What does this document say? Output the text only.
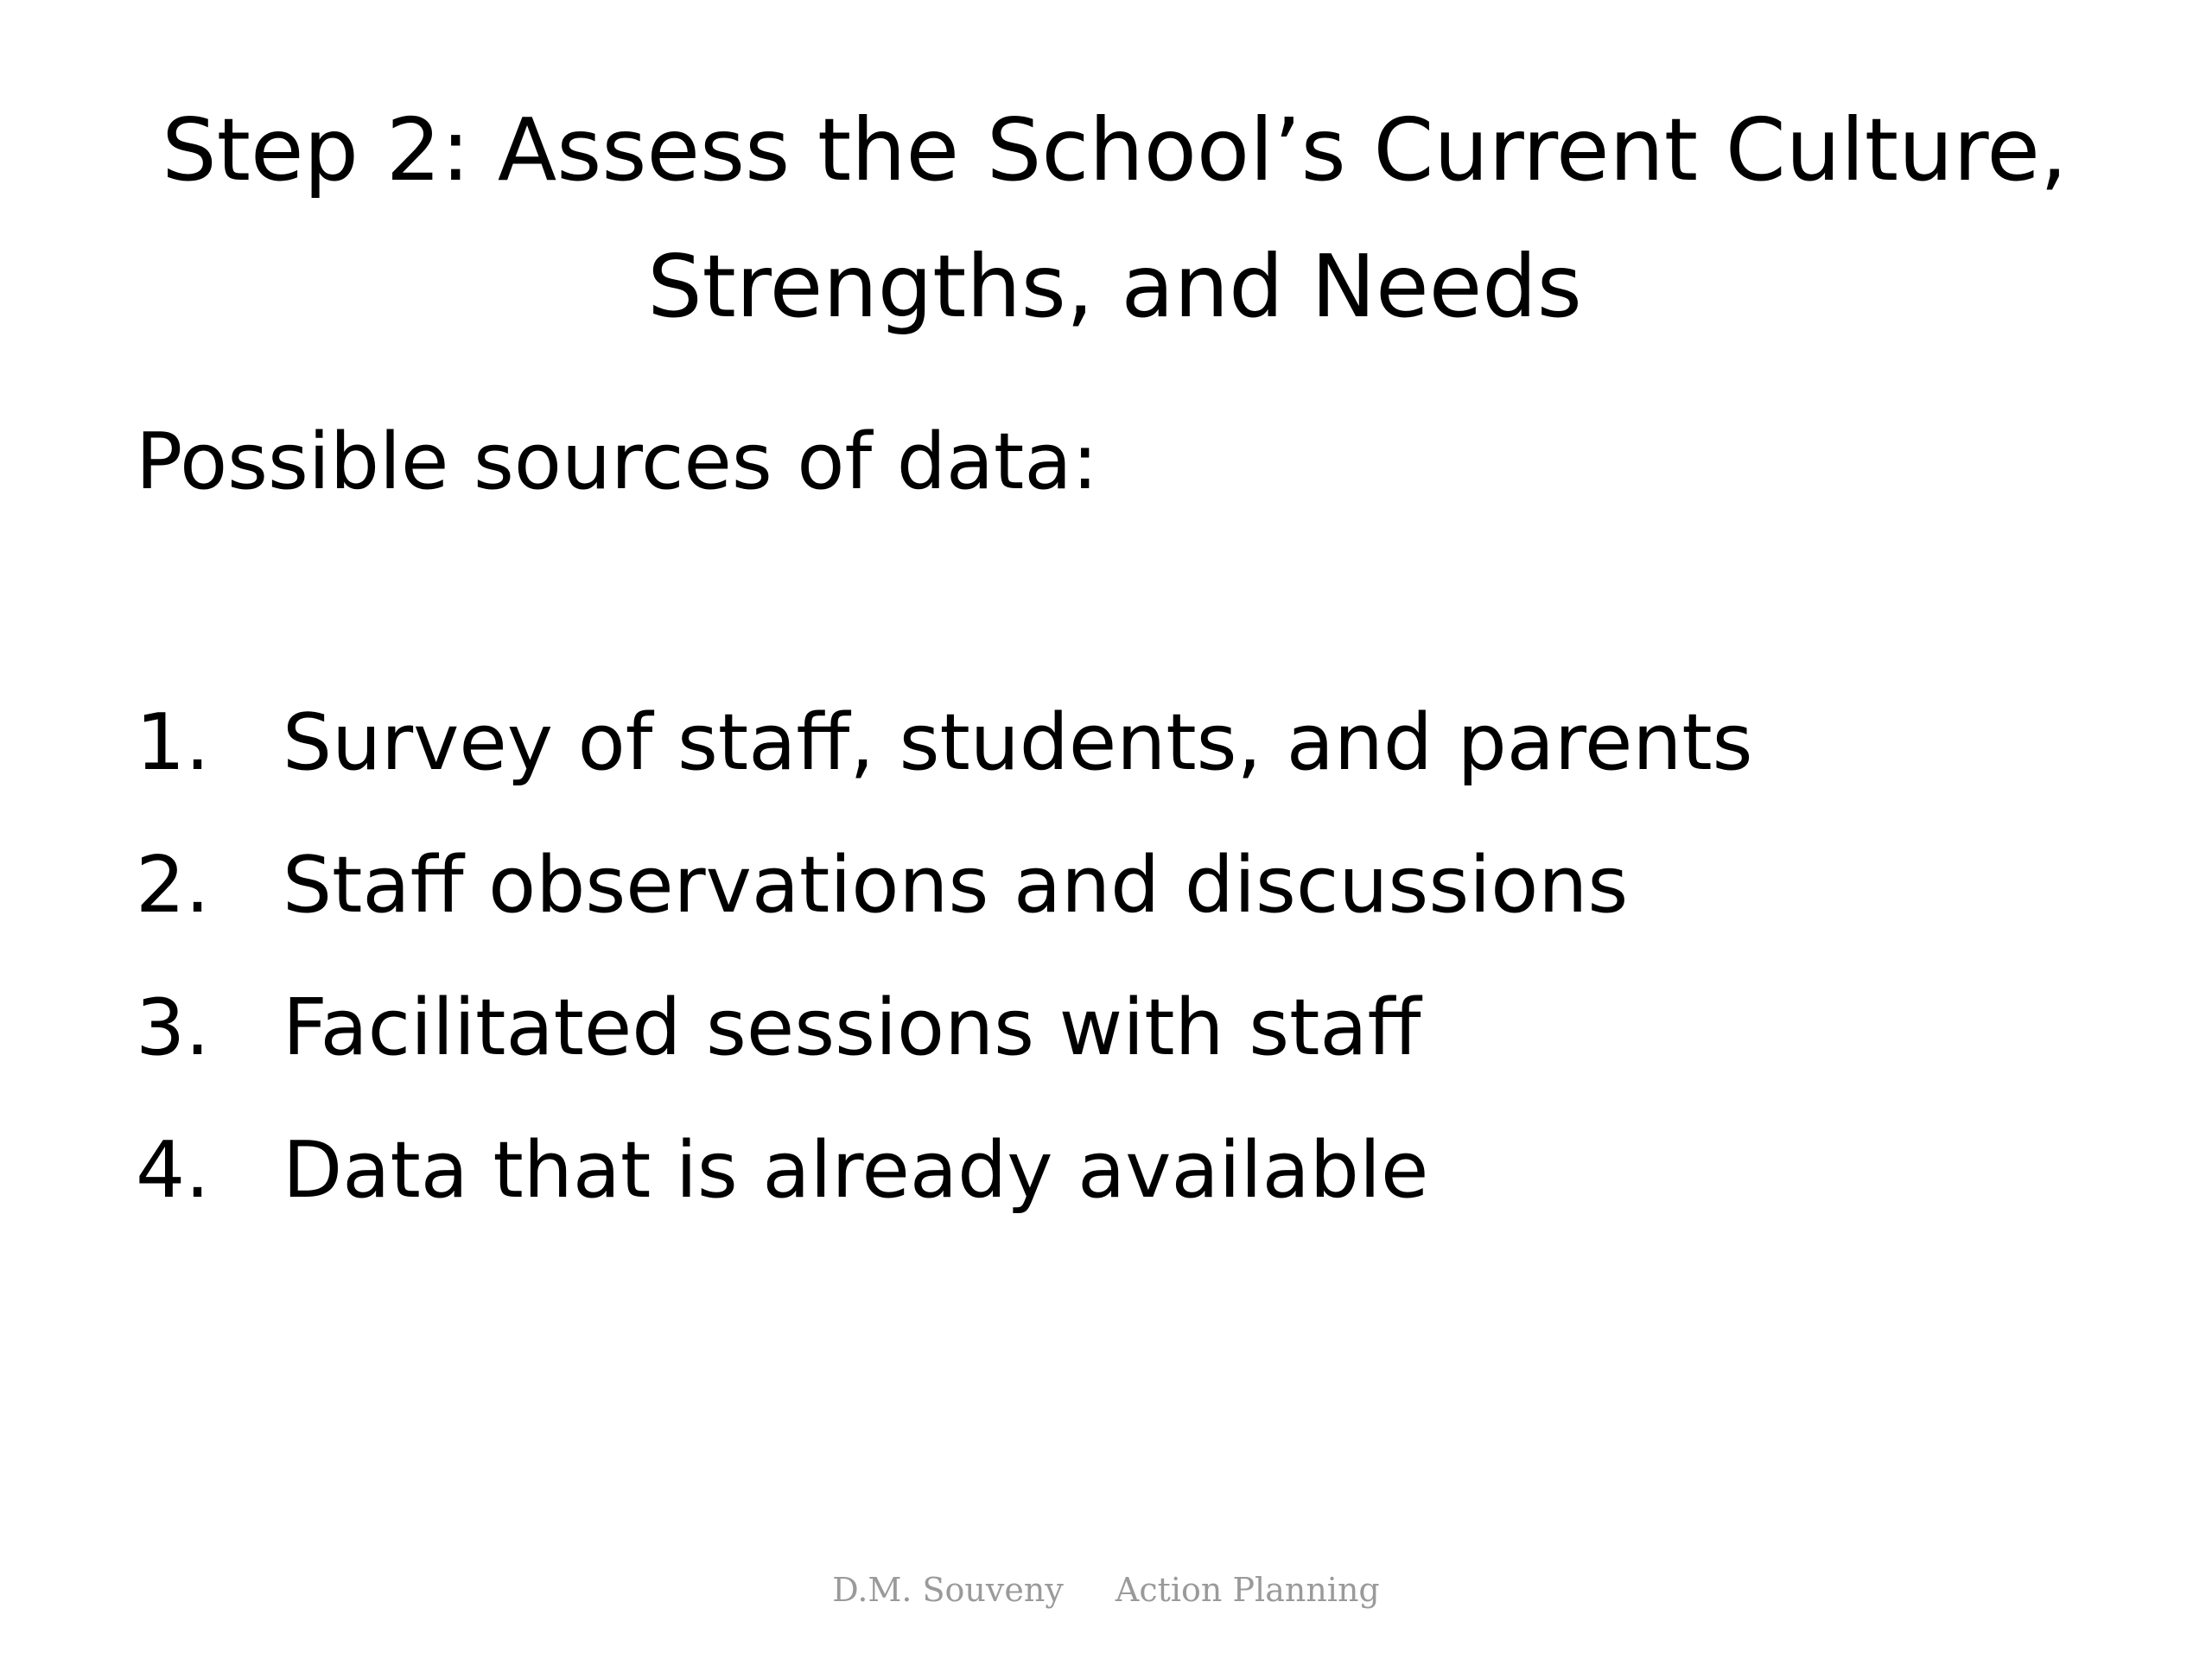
Step 2: Assess the School’s Current Culture,
Strengths, and Needs

Possible sources of data:

1. Survey of staff, students, and parents
2. Staff observations and discussions
3. Facilitated sessions with staff
4. Data that is already available
D.M. Souveny Action Planning
